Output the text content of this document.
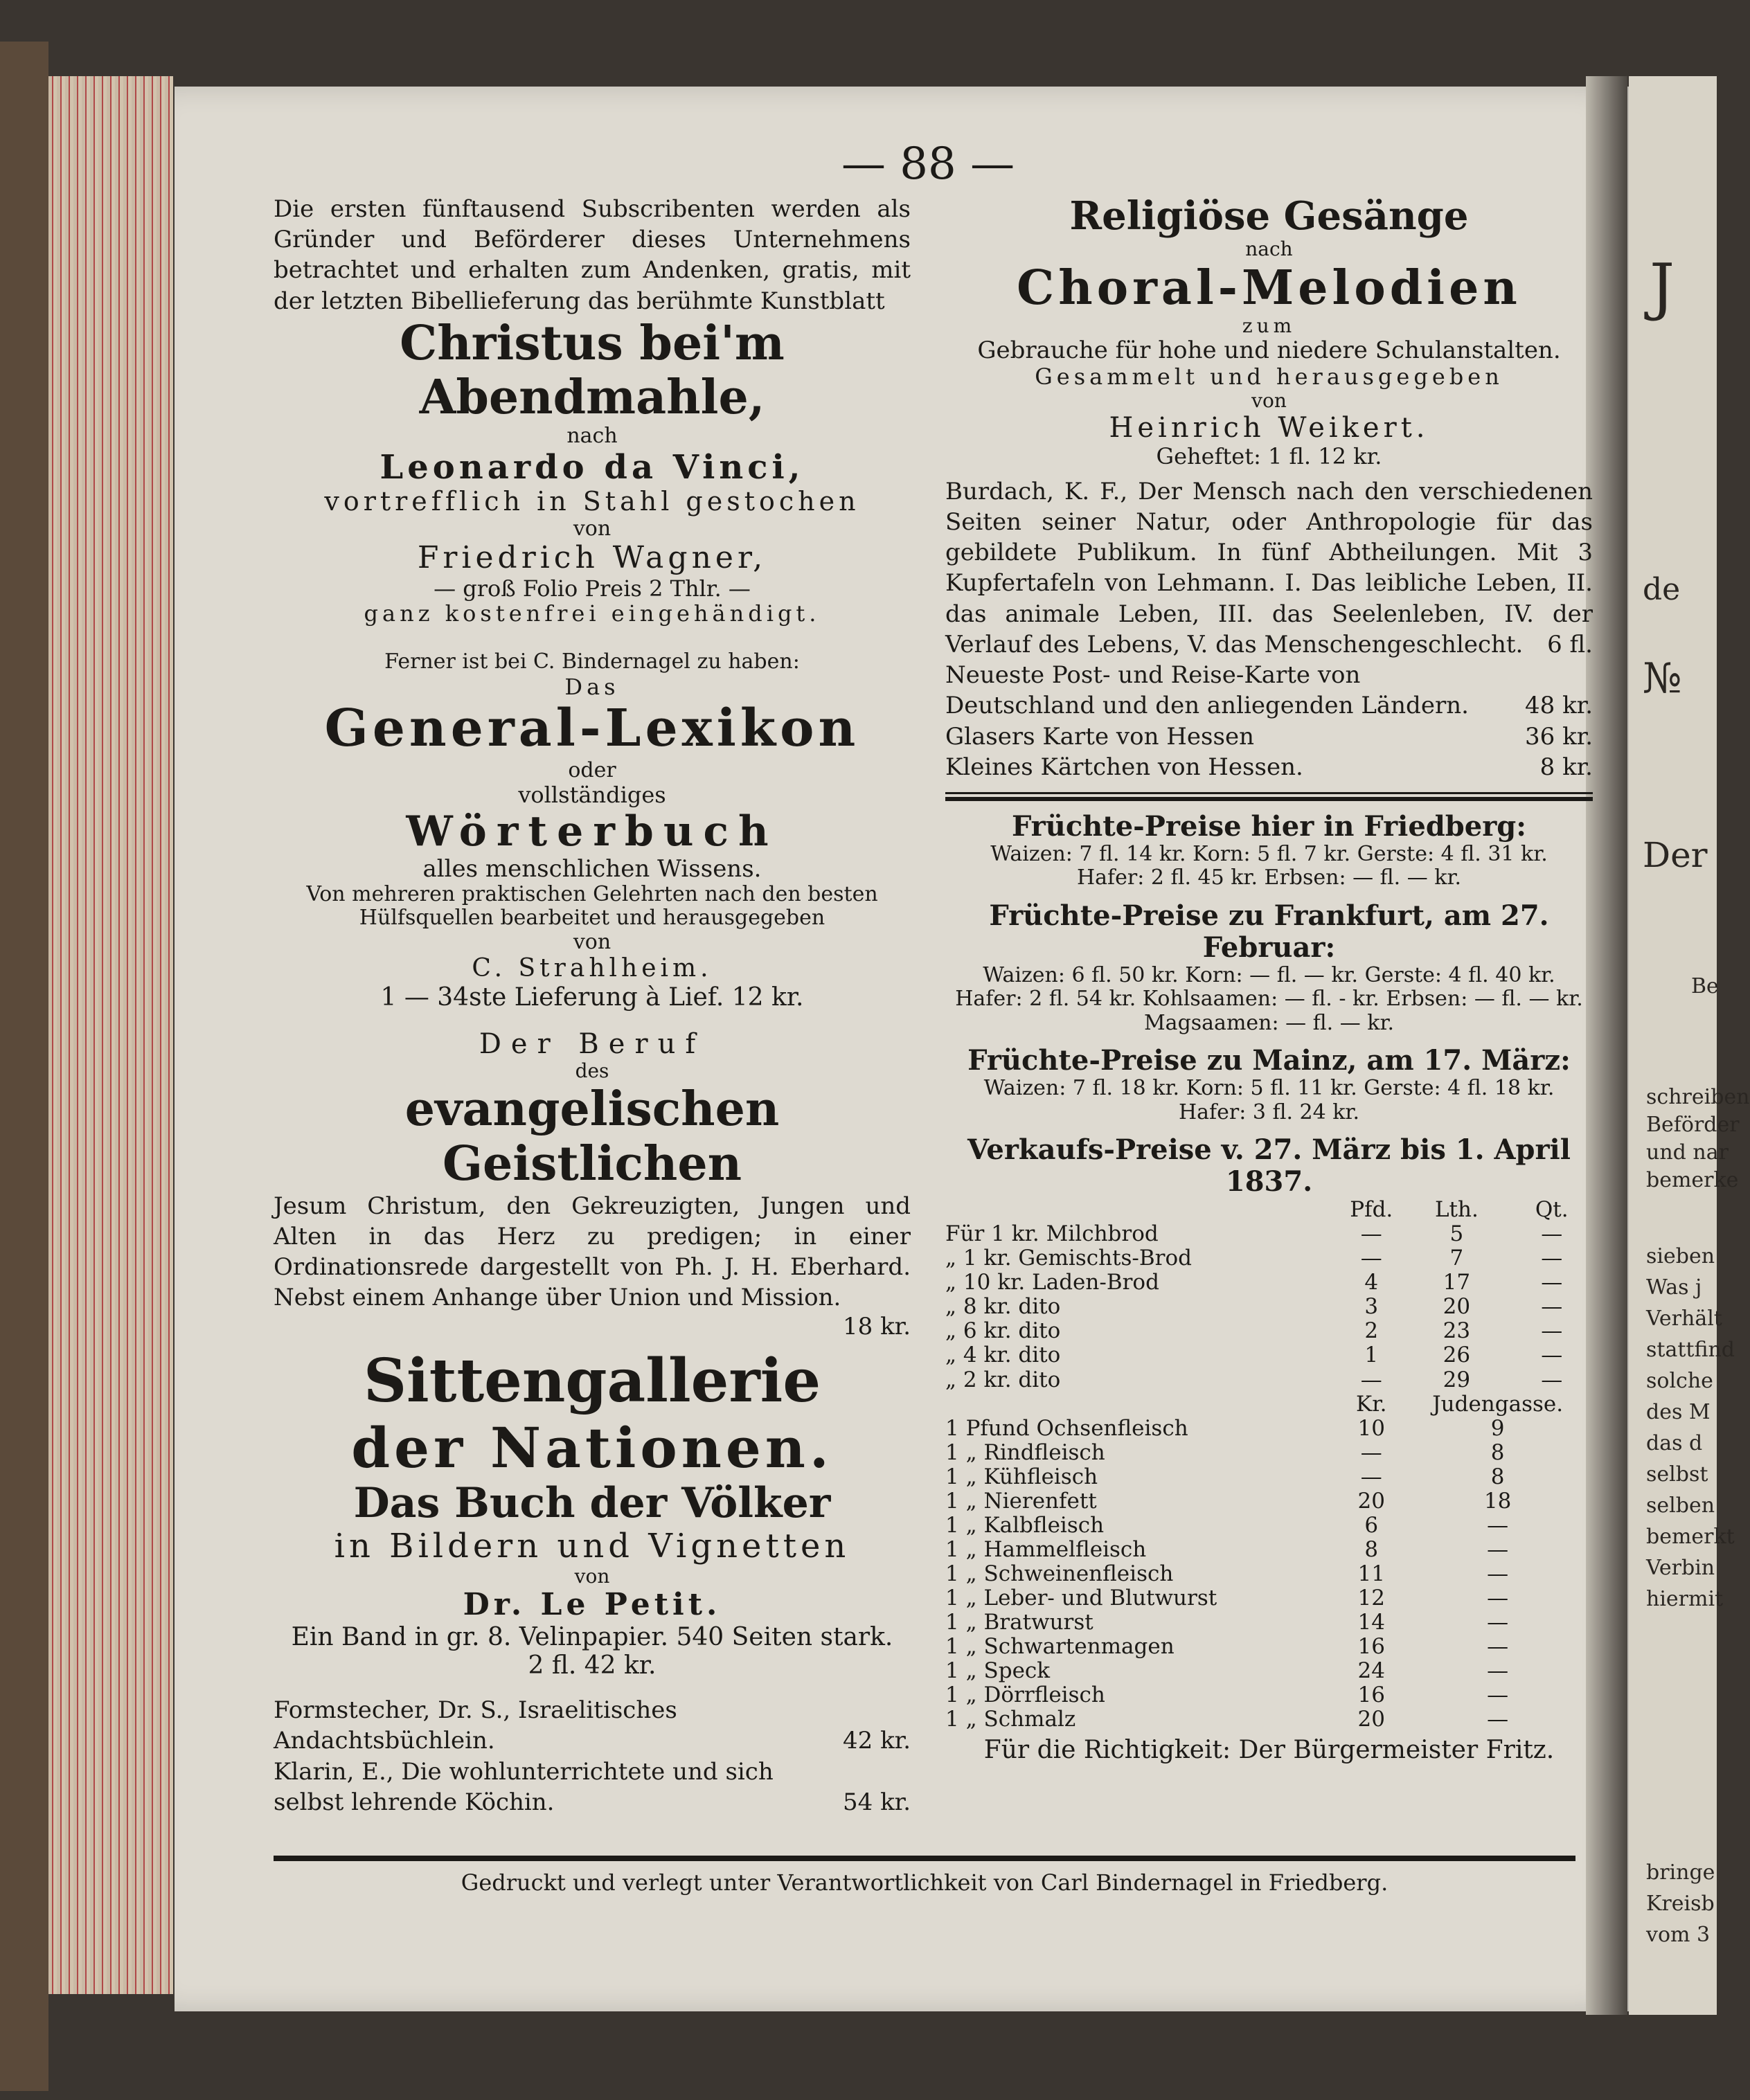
J
de
№
Der
Be
schreiben
Beförder
und nar
bemerke
sieben
Was j
Verhält
stattfind
solche
des M
das d
selbst
selben
bemerkt
Verbin
hiermit
bringe
Kreisb
vom 3
— 88 —

Die ersten fünftausend Subscribenten werden als Gründer und Beförderer dieses Unternehmens betrachtet und erhalten zum Andenken, gratis, mit der letzten Bibellieferung das berühmte Kunstblatt

Christus bei'm Abendmahle,

nach

Leonardo da Vinci,

vortrefflich in Stahl gestochen

von

Friedrich Wagner,

— groß Folio Preis 2 Thlr. —

ganz kostenfrei eingehändigt.

Ferner ist bei C. Bindernagel zu haben:

Das

General-Lexikon

oder

vollständiges

Wörterbuch

alles menschlichen Wissens.

Von mehreren praktischen Gelehrten nach den besten Hülfsquellen bearbeitet und herausgegeben

von

C. Strahlheim.

1 — 34ste Lieferung à Lief. 12 kr.

Der Beruf

des

evangelischen Geistlichen

Jesum Christum, den Gekreuzigten, Jungen und Alten in das Herz zu predigen; in einer Ordinationsrede dargestellt von Ph. J. H. Eberhard. Nebst einem Anhange über Union und Mission.

18 kr.

Sittengallerie

der Nationen.

Das Buch der Völker

in Bildern und Vignetten

von

Dr. Le Petit.

Ein Band in gr. 8. Velinpapier. 540 Seiten stark.

2 fl. 42 kr.

Formstecher, Dr. S., Israelitisches Andachtsbüchlein.	42 kr.
Klarin, E., Die wohlunterrichtete und sich selbst lehrende Köchin.	54 kr.

Religiöse Gesänge

nach

Choral-Melodien

zum

Gebrauche für hohe und niedere Schulanstalten.

Gesammelt und herausgegeben

von

Heinrich Weikert.

Geheftet: 1 fl. 12 kr.

Burdach, K. F., Der Mensch nach den verschiedenen Seiten seiner Natur, oder Anthropologie für das gebildete Publikum. In fünf Abtheilungen. Mit 3 Kupfertafeln von Lehmann. I. Das leibliche Leben, II. das animale Leben, III. das Seelenleben, IV. der Verlauf des Lebens, V. das Menschengeschlecht.	6 fl.

Neueste Post- und Reise-Karte von Deutschland und den anliegenden Ländern.	48 kr.
Glasers Karte von Hessen	36 kr.
Kleines Kärtchen von Hessen.	8 kr.

Früchte-Preise hier in Friedberg:

Waizen: 7 fl. 14 kr. Korn: 5 fl. 7 kr. Gerste: 4 fl. 31 kr.

Hafer: 2 fl. 45 kr. Erbsen: — fl. — kr.

Früchte-Preise zu Frankfurt, am 27. Februar:

Waizen: 6 fl. 50 kr. Korn: — fl. — kr. Gerste: 4 fl. 40 kr.

Hafer: 2 fl. 54 kr. Kohlsaamen: — fl. - kr. Erbsen: — fl. — kr.

Magsaamen: — fl. — kr.

Früchte-Preise zu Mainz, am 17. März:

Waizen: 7 fl. 18 kr. Korn: 5 fl. 11 kr. Gerste: 4 fl. 18 kr.

Hafer: 3 fl. 24 kr.

Verkaufs-Preise v. 27. März bis 1. April 1837.

	Pfd.	Lth.	Qt.
Für 1 kr. Milchbrod	—	5	—
„ 1 kr. Gemischts-Brod	—	7	—
„ 10 kr. Laden-Brod	4	17	—
„ 8 kr. dito	3	20	—
„ 6 kr. dito	2	23	—
„ 4 kr. dito	1	26	—
„ 2 kr. dito	—	29	—
	Kr.	Judengasse.	
1 Pfund Ochsenfleisch	10	9	
1 „ Rindfleisch	—	8	
1 „ Kühfleisch	—	8	
1 „ Nierenfett	20	18	
1 „ Kalbfleisch	6	—	
1 „ Hammelfleisch	8	—	
1 „ Schweinenfleisch	11	—	
1 „ Leber- und Blutwurst	12	—	
1 „ Bratwurst	14	—	
1 „ Schwartenmagen	16	—	
1 „ Speck	24	—	
1 „ Dörrfleisch	16	—	
1 „ Schmalz	20	—	

Für die Richtigkeit: Der Bürgermeister Fritz.

Gedruckt und verlegt unter Verantwortlichkeit von Carl Bindernagel in Friedberg.
